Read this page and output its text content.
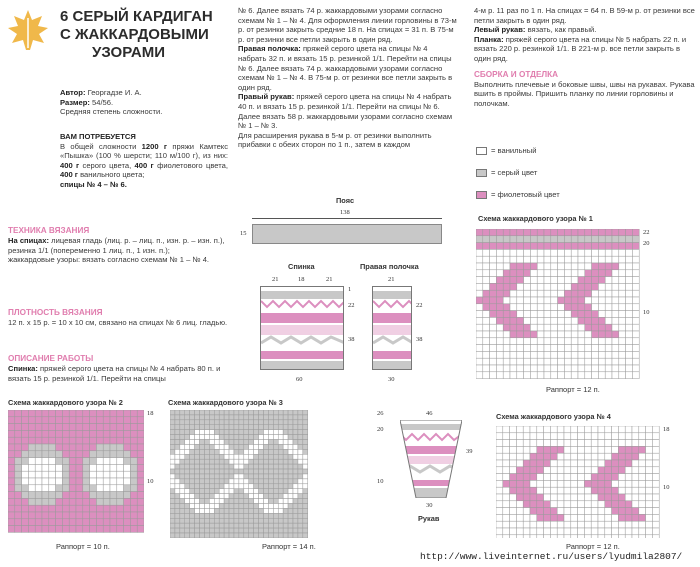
6 СЕРЫЙ КАРДИГАН
С ЖАККАРДОВЫМИ
УЗОРАМИ
Автор: Георгадзе И. А.
Размер: 54/56.
Средняя степень сложности.
ВАМ ПОТРЕБУЕТСЯ
В общей сложности 1200 г пряжи Камтекс «Пышка» (100 % шерсти; 110 м/100 г), из них: 400 г серого цвета, 400 г фиолетового цвета, 400 г ванильного цвета;
спицы № 4 – № 6.
ТЕХНИКА ВЯЗАНИЯ
На спицах: лицевая гладь (лиц. р. – лиц. п., изн. р. – изн. п.), резинка 1/1 (попеременно 1 лиц. п., 1 изн. п.);
жаккардовые узоры: вязать согласно схемам № 1 – № 4.
ПЛОТНОСТЬ ВЯЗАНИЯ
12 п. х 15 р. = 10 х 10 см, связано на спицах № 6 лиц. гладью.
ОПИСАНИЕ РАБОТЫ
Спинка: пряжей серого цвета на спицы № 4 набрать 80 п. и вязать 15 р. резинкой 1/1. Перейти на спицы
№ 6. Далее вязать 74 р. жаккардовыми узорами согласно схемам № 1 – № 4. Для оформления линии горловины в 73-м р. от резинки закрыть средние 18 п. На спицах = 31 п. В 75-м р. от резинки все петли закрыть в один ряд.
Правая полочка: пряжей серого цвета на спицы № 4 набрать 32 п. и вязать 15 р. резинкой 1/1. Перейти на спицы № 6. Далее вязать 74 р. жаккардовыми узорами согласно схемам № 1 – № 4. В 75-м р. от резинки все петли закрыть в один ряд.
Правый рукав: пряжей серого цвета на спицы № 4 набрать 40 п. и вязать 15 р. резинкой 1/1. Перейти на спицы № 6. Далее вязать 58 р. жаккардовыми узорами согласно схемам № 1 – № 3.
Для расширения рукава в 5-м р. от резинки выполнить прибавки с обеих сторон по 1 п., затем в каждом
4-м р. 11 раз по 1 п. На спицах = 64 п. В 59-м р. от резинки все петли закрыть в один ряд.
Левый рукав: вязать, как правый.
Планка: пряжей серого цвета на спицы № 5 набрать 22 п. и вязать 220 р. резинкой 1/1. В 221-м р. все петли закрыть в один ряд.
СБОРКА И ОТДЕЛКА
Выполнить плечевые и боковые швы, швы на рукавах. Рукава вшить в проймы. Пришить планку по линии горловины и полочкам.
= ванильный
= серый цвет
= фиолетовый цвет
Пояс
138
15
Спинка
21	18	21
1
22
38
60
Правая полочка
21
22
38
30
46
39
30
Рукав
Схема жаккардового узора № 1
22
20
10
Раппорт = 12 п.
Схема жаккардового узора № 2
18
10
Раппорт = 10 п.
Схема жаккардового узора № 3
26
20
10
Раппорт = 14 п.
Схема жаккардового узора № 4
18
10
Раппорт = 12 п.
http://www.liveinternet.ru/users/lyudmila2807/
